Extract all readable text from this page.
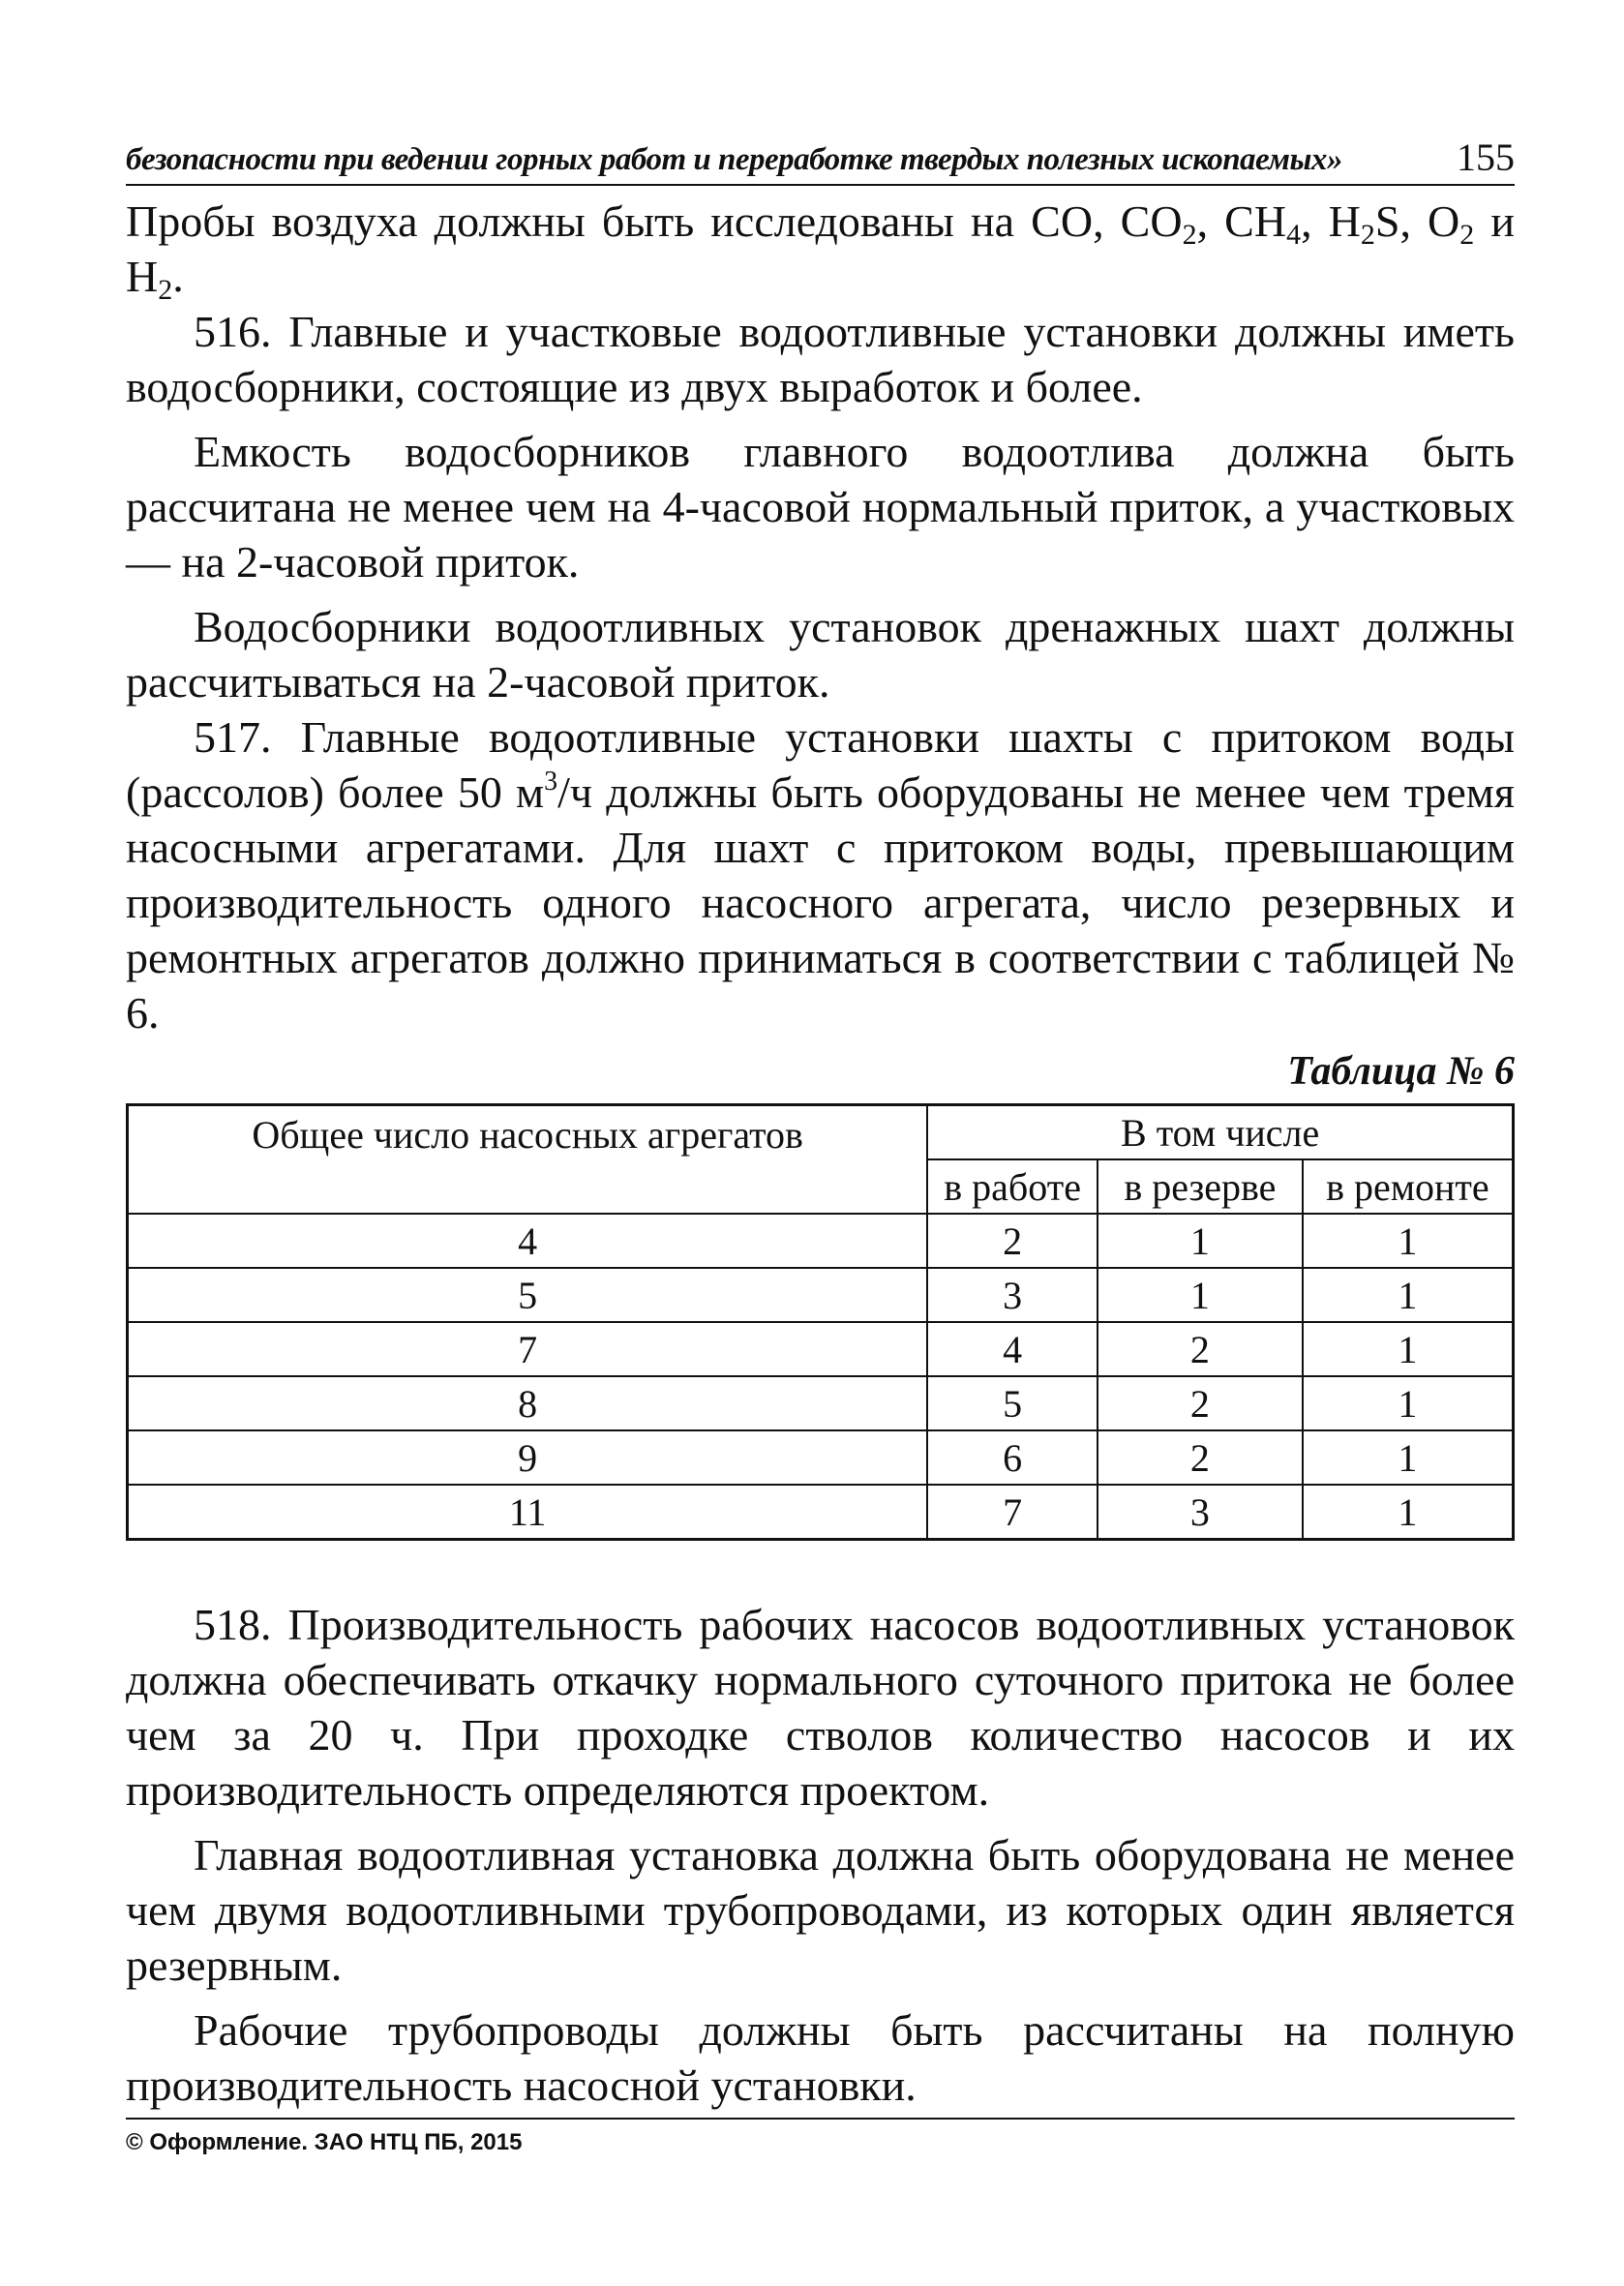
безопасности при ведении горных работ и переработке твердых полезных ископаемых»	155

Пробы воздуха должны быть исследованы на СО, $СО_2$, $СН_4$, $Н_2S$, $О_2$ и $Н_2$.

516. Главные и участковые водоотливные установки должны иметь водосборники, состоящие из двух выработок и более.

Емкость водосборников главного водоотлива должна быть рассчитана не менее чем на 4-часовой нормальный приток, а участковых — на 2-часовой приток.

Водосборники водоотливных установок дренажных шахт должны рассчитываться на 2-часовой приток.

517. Главные водоотливные установки шахты с притоком воды (рассолов) более 50 $м^3/ч$ должны быть оборудованы не менее чем тремя насосными агрегатами. Для шахт с притоком воды, превышающим производительность одного насосного агрегата, число резервных и ремонтных агрегатов должно приниматься в соответствии с таблицей № 6.

Таблица № 6
Общее число насосных агрегатов	В том числе		
	в работе	в резерве	в ремонте
4	2	1	1
5	3	1	1
7	4	2	1
8	5	2	1
9	6	2	1
11	7	3	1

518. Производительность рабочих насосов водоотливных установок должна обеспечивать откачку нормального суточного притока не более чем за 20 ч. При проходке стволов количество насосов и их производительность определяются проектом.

Главная водоотливная установка должна быть оборудована не менее чем двумя водоотливными трубопроводами, из которых один является резервным.

Рабочие трубопроводы должны быть рассчитаны на полную производительность насосной установки.

© Оформление. ЗАО НТЦ ПБ, 2015
